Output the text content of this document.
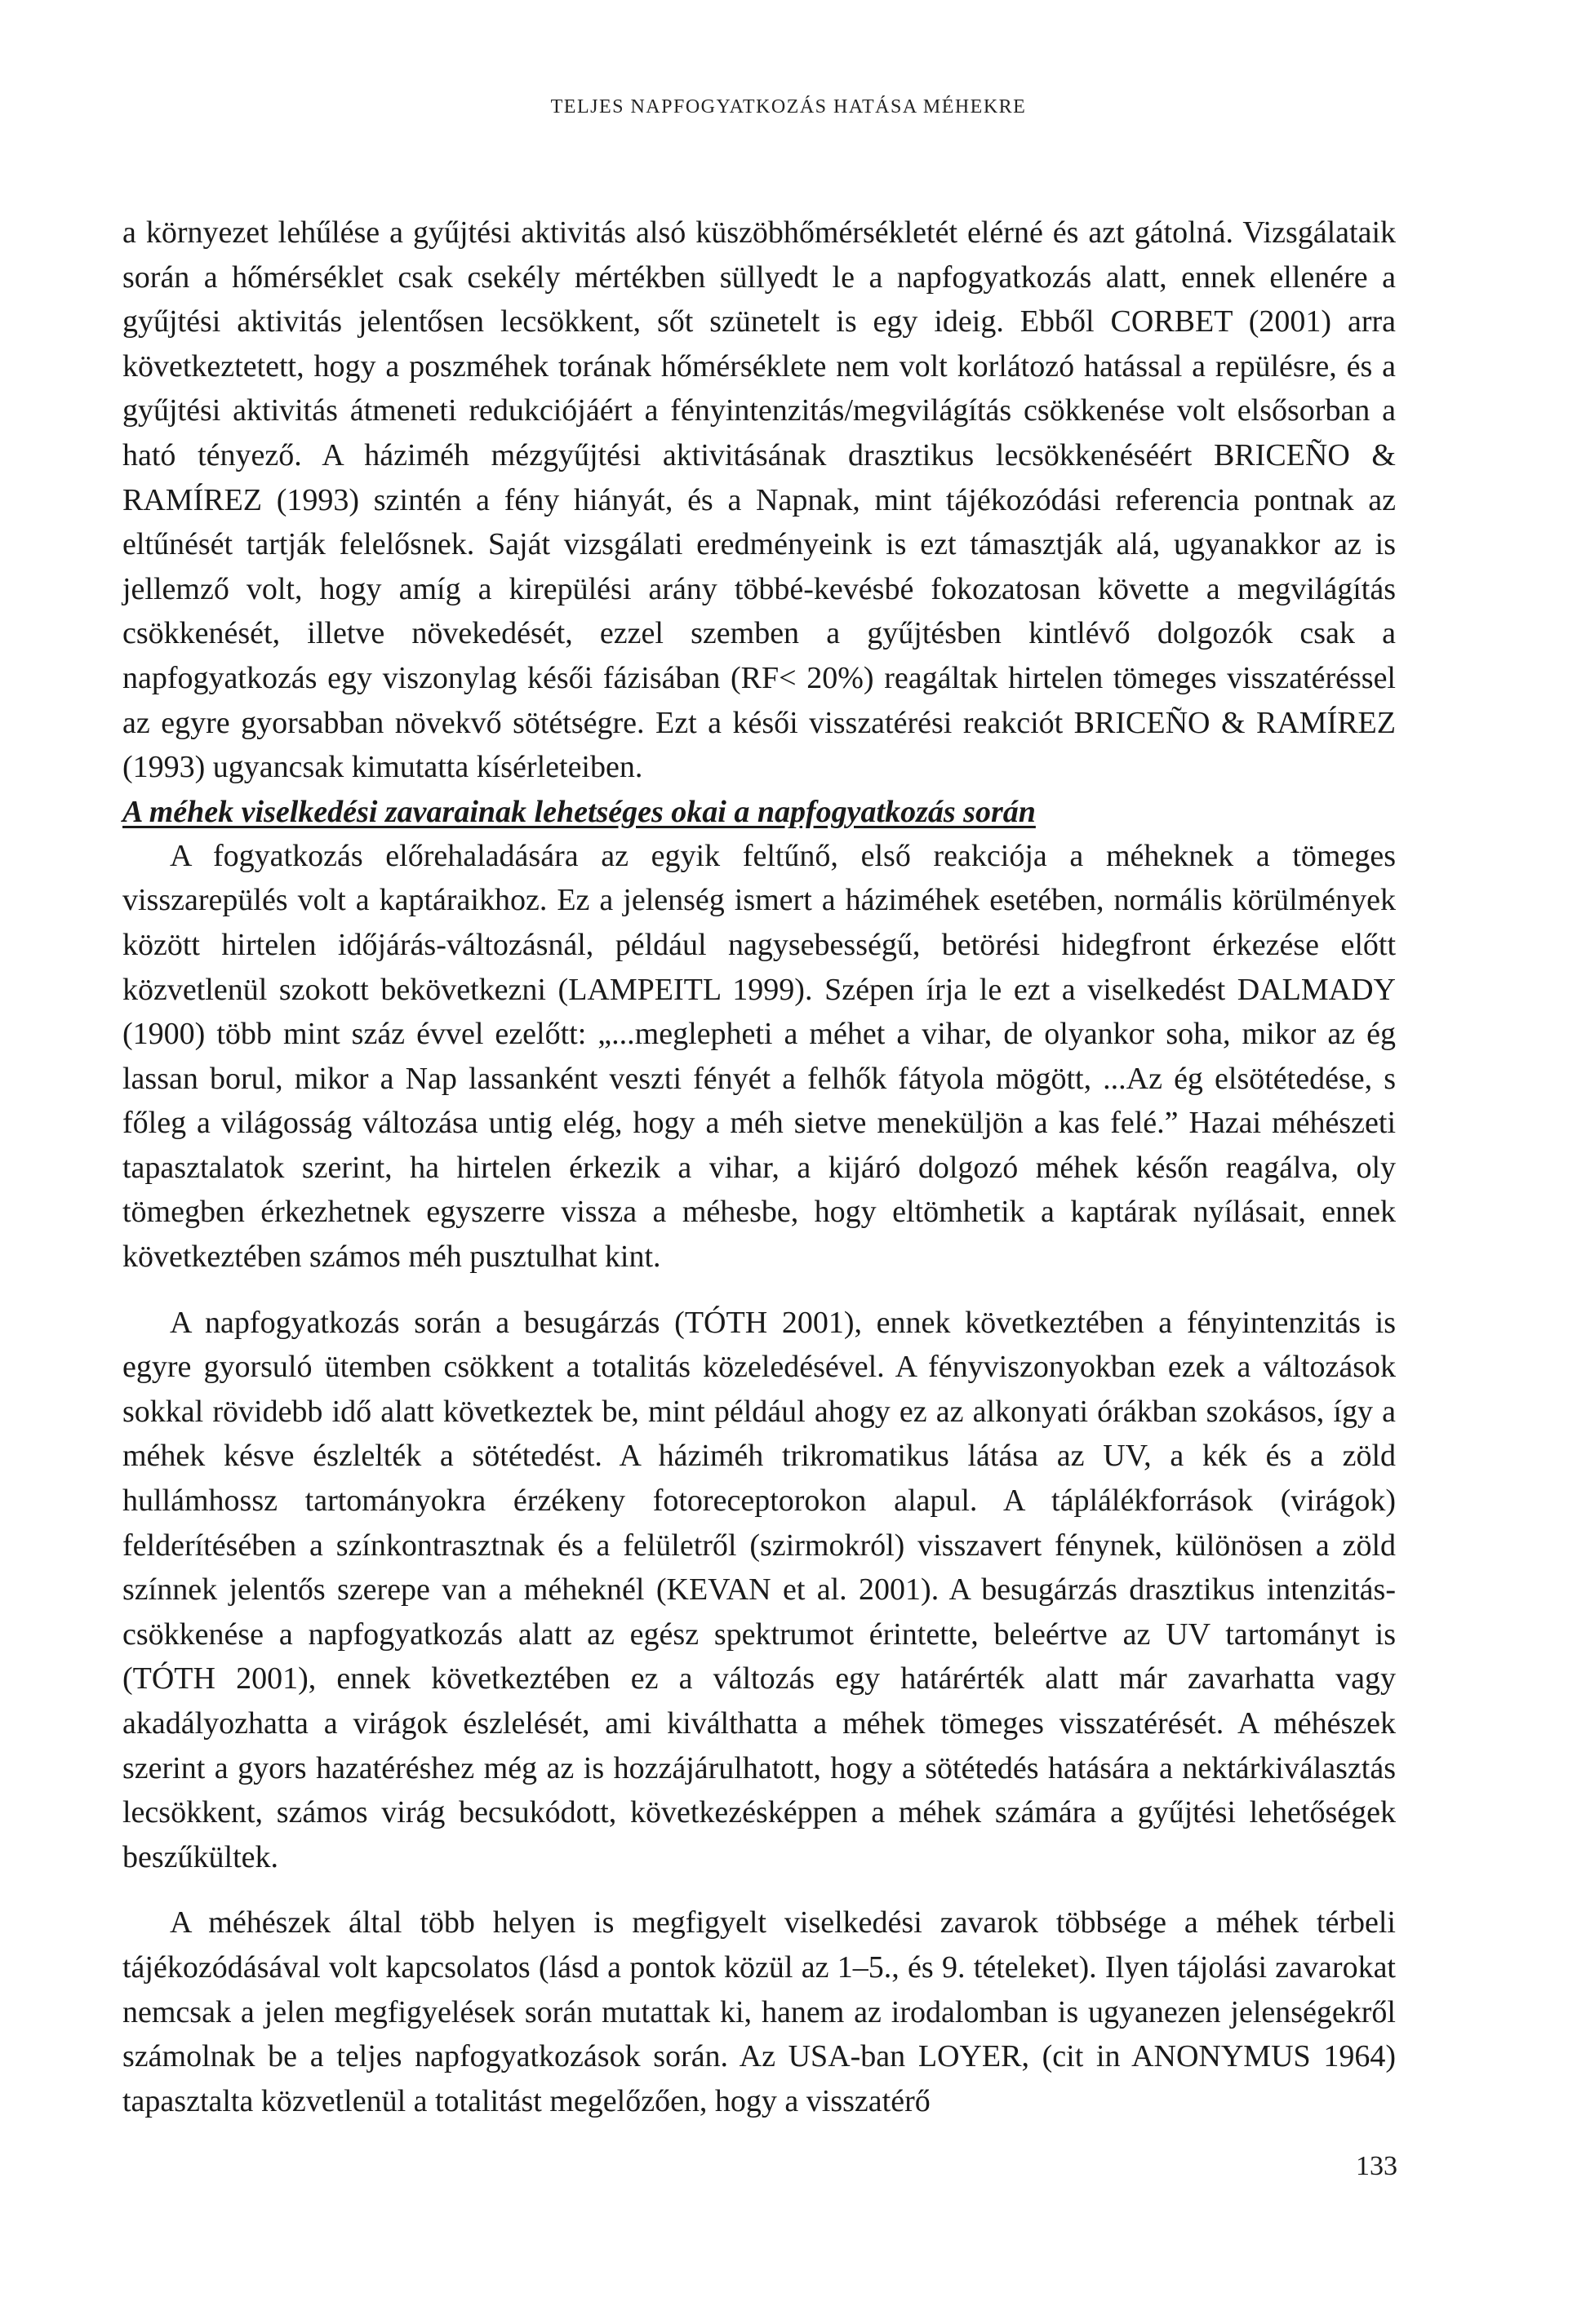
TELJES NAPFOGYATKOZÁS HATÁSA MÉHEKRE

a környezet lehűlése a gyűjtési aktivitás alsó küszöbhőmérsékletét elérné és azt gátolná. Vizsgálataik során a hőmérséklet csak csekély mértékben süllyedt le a napfogyatkozás alatt, ennek ellenére a gyűjtési aktivitás jelentősen lecsökkent, sőt szünetelt is egy ideig. Ebből CORBET (2001) arra következtetett, hogy a poszméhek torának hőmérséklete nem volt korlátozó hatással a repülésre, és a gyűjtési aktivitás átmeneti redukciójáért a fényintenzitás/megvilágítás csökkenése volt elsősorban a ható tényező. A háziméh mézgyűjtési aktivitásának drasztikus lecsökkenéséért BRICEÑO & RAMÍREZ (1993) szintén a fény hiányát, és a Napnak, mint tájékozódási referencia pontnak az eltűnését tartják felelősnek. Saját vizsgálati eredményeink is ezt támasztják alá, ugyanakkor az is jellemző volt, hogy amíg a kirepülési arány többé-kevésbé fokozatosan követte a megvilágítás csökkenését, illetve növekedését, ezzel szemben a gyűjtésben kintlévő dolgozók csak a napfogyatkozás egy viszonylag késői fázisában (RF< 20%) reagáltak hirtelen tömeges visszatéréssel az egyre gyorsabban növekvő sötétségre. Ezt a késői visszatérési reakciót BRICEÑO & RAMÍREZ (1993) ugyancsak kimutatta kísérleteiben.

A méhek viselkedési zavarainak lehetséges okai a napfogyatkozás során

A fogyatkozás előrehaladására az egyik feltűnő, első reakciója a méheknek a tömeges visszarepülés volt a kaptáraikhoz. Ez a jelenség ismert a háziméhek esetében, normális körülmények között hirtelen időjárás-változásnál, például nagysebességű, betörési hidegfront érkezése előtt közvetlenül szokott bekövetkezni (LAMPEITL 1999). Szépen írja le ezt a viselkedést DALMADY (1900) több mint száz évvel ezelőtt: „...meglepheti a méhet a vihar, de olyankor soha, mikor az ég lassan borul, mikor a Nap lassanként veszti fényét a felhők fátyola mögött, ...Az ég elsötétedése, s főleg a világosság változása untig elég, hogy a méh sietve meneküljön a kas felé.” Hazai méhészeti tapasztalatok szerint, ha hirtelen érkezik a vihar, a kijáró dolgozó méhek későn reagálva, oly tömegben érkezhetnek egyszerre vissza a méhesbe, hogy eltömhetik a kaptárak nyílásait, ennek következtében számos méh pusztulhat kint.

A napfogyatkozás során a besugárzás (TÓTH 2001), ennek következtében a fényintenzitás is egyre gyorsuló ütemben csökkent a totalitás közeledésével. A fényviszonyokban ezek a változások sokkal rövidebb idő alatt következtek be, mint például ahogy ez az alkonyati órákban szokásos, így a méhek késve észlelték a sötétedést. A háziméh trikromatikus látása az UV, a kék és a zöld hullámhossz tartományokra érzékeny fotoreceptorokon alapul. A táplálékforrások (virágok) felderítésében a színkontrasztnak és a felületről (szirmokról) visszavert fénynek, különösen a zöld színnek jelentős szerepe van a méheknél (KEVAN et al. 2001). A besugárzás drasztikus intenzitás-csökkenése a napfogyatkozás alatt az egész spektrumot érintette, beleértve az UV tartományt is (TÓTH 2001), ennek következtében ez a változás egy határérték alatt már zavarhatta vagy akadályozhatta a virágok észlelését, ami kiválthatta a méhek tömeges visszatérését. A méhészek szerint a gyors hazatéréshez még az is hozzájárulhatott, hogy a sötétedés hatására a nektárkiválasztás lecsökkent, számos virág becsukódott, következésképpen a méhek számára a gyűjtési lehetőségek beszűkültek.

A méhészek által több helyen is megfigyelt viselkedési zavarok többsége a méhek térbeli tájékozódásával volt kapcsolatos (lásd a pontok közül az 1–5., és 9. tételeket). Ilyen tájolási zavarokat nemcsak a jelen megfigyelések során mutattak ki, hanem az irodalomban is ugyanezen jelenségekről számolnak be a teljes napfogyatkozások során. Az USA-ban LOYER, (cit in ANONYMUS 1964) tapasztalta közvetlenül a totalitást megelőzően, hogy a visszatérő

133
